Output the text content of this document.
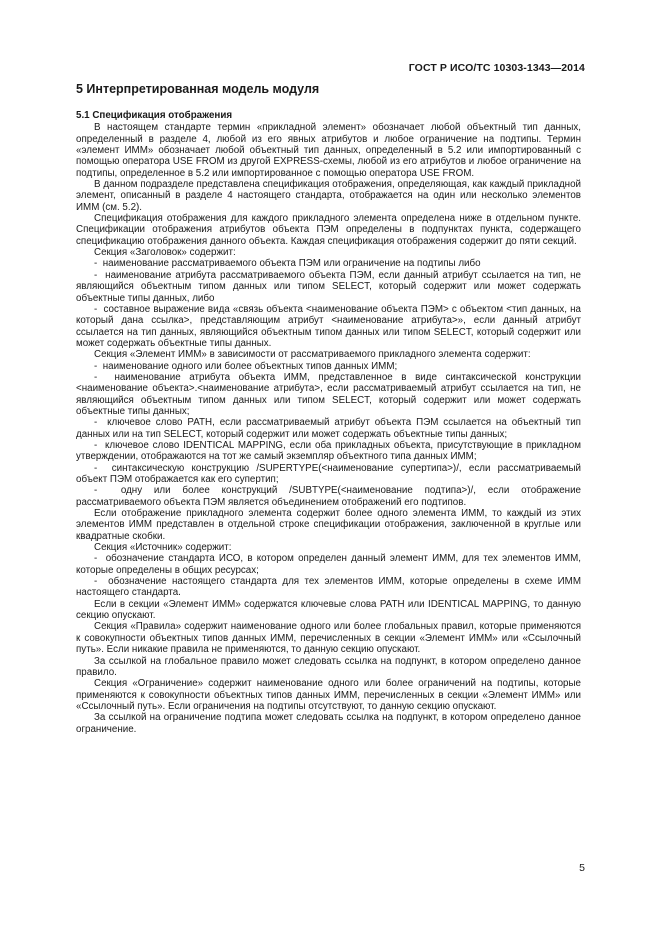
ГОСТ Р ИСО/ТС 10303-1343—2014
5 Интерпретированная модель модуля

5.1 Спецификация отображения

В настоящем стандарте термин «прикладной элемент» обозначает любой объектный тип данных, определенный в разделе 4, любой из его явных атрибутов и любое ограничение на подтипы. Термин «элемент ИММ» обозначает любой объектный тип данных, определенный в 5.2 или импортированный с помощью оператора USE FROM из другой EXPRESS-схемы, любой из его атрибутов и любое ограничение на подтипы, определенное в 5.2 или импортированное с помощью оператора USE FROM.

В данном подразделе представлена спецификация отображения, определяющая, как каждый прикладной элемент, описанный в разделе 4 настоящего стандарта, отображается на один или несколько элементов ИММ (см. 5.2).

Спецификация отображения для каждого прикладного элемента определена ниже в отдельном пункте. Спецификации отображения атрибутов объекта ПЭМ определены в подпунктах пункта, содержащего спецификацию отображения данного объекта. Каждая спецификация отображения содержит до пяти секций.

Секция «Заголовок» содержит:

-  наименование рассматриваемого объекта ПЭМ или ограничение на подтипы либо

-  наименование атрибута рассматриваемого объекта ПЭМ, если данный атрибут ссылается на тип, не являющийся объектным типом данных или типом SELECT, который содержит или может содержать объектные типы данных, либо

-  составное выражение вида «связь объекта <наименование объекта ПЭМ> с объектом <тип данных, на который дана ссылка>, представляющим атрибут <наименование атрибута>», если данный атрибут ссылается на тип данных, являющийся объектным типом данных или типом SELECT, который содержит или может содержать объектные типы данных.

Секция «Элемент ИММ» в зависимости от рассматриваемого прикладного элемента содержит:

-  наименование одного или более объектных типов данных ИММ;

-  наименование атрибута объекта ИММ, представленное в виде синтаксической конструкции <наименование объекта>.<наименование атрибута>, если рассматриваемый атрибут ссылается на тип, не являющийся объектным типом данных или типом SELECT, который содержит или может содержать объектные типы данных;

-  ключевое слово PATH, если рассматриваемый атрибут объекта ПЭМ ссылается на объектный тип данных или на тип SELECT, который содержит или может содержать объектные типы данных;

-  ключевое слово IDENTICAL MAPPING, если оба прикладных объекта, присутствующие в прикладном утверждении, отображаются на тот же самый экземпляр объектного типа данных ИММ;

-  синтаксическую конструкцию /SUPERTYPE(<наименование супертипа>)/, если рассматриваемый объект ПЭМ отображается как его супертип;

-  одну или более конструкций /SUBTYPE(<наименование подтипа>)/, если отображение рассматриваемого объекта ПЭМ является объединением отображений его подтипов.

Если отображение прикладного элемента содержит более одного элемента ИММ, то каждый из этих элементов ИММ представлен в отдельной строке спецификации отображения, заключенной в круглые или квадратные скобки.

Секция «Источник» содержит:

-  обозначение стандарта ИСО, в котором определен данный элемент ИММ, для тех элементов ИММ, которые определены в общих ресурсах;

-  обозначение настоящего стандарта для тех элементов ИММ, которые определены в схеме ИММ настоящего стандарта.

Если в секции «Элемент ИММ» содержатся ключевые слова PATH или IDENTICAL MAPPING, то данную секцию опускают.

Секция «Правила» содержит наименование одного или более глобальных правил, которые применяются к совокупности объектных типов данных ИММ, перечисленных в секции «Элемент ИММ» или «Ссылочный путь». Если никакие правила не применяются, то данную секцию опускают.

За ссылкой на глобальное правило может следовать ссылка на подпункт, в котором определено данное правило.

Секция «Ограничение» содержит наименование одного или более ограничений на подтипы, которые применяются к совокупности объектных типов данных ИММ, перечисленных в секции «Элемент ИММ» или «Ссылочный путь». Если ограничения на подтипы отсутствуют, то данную секцию опускают.

За ссылкой на ограничение подтипа может следовать ссылка на подпункт, в котором определено данное ограничение.

5
